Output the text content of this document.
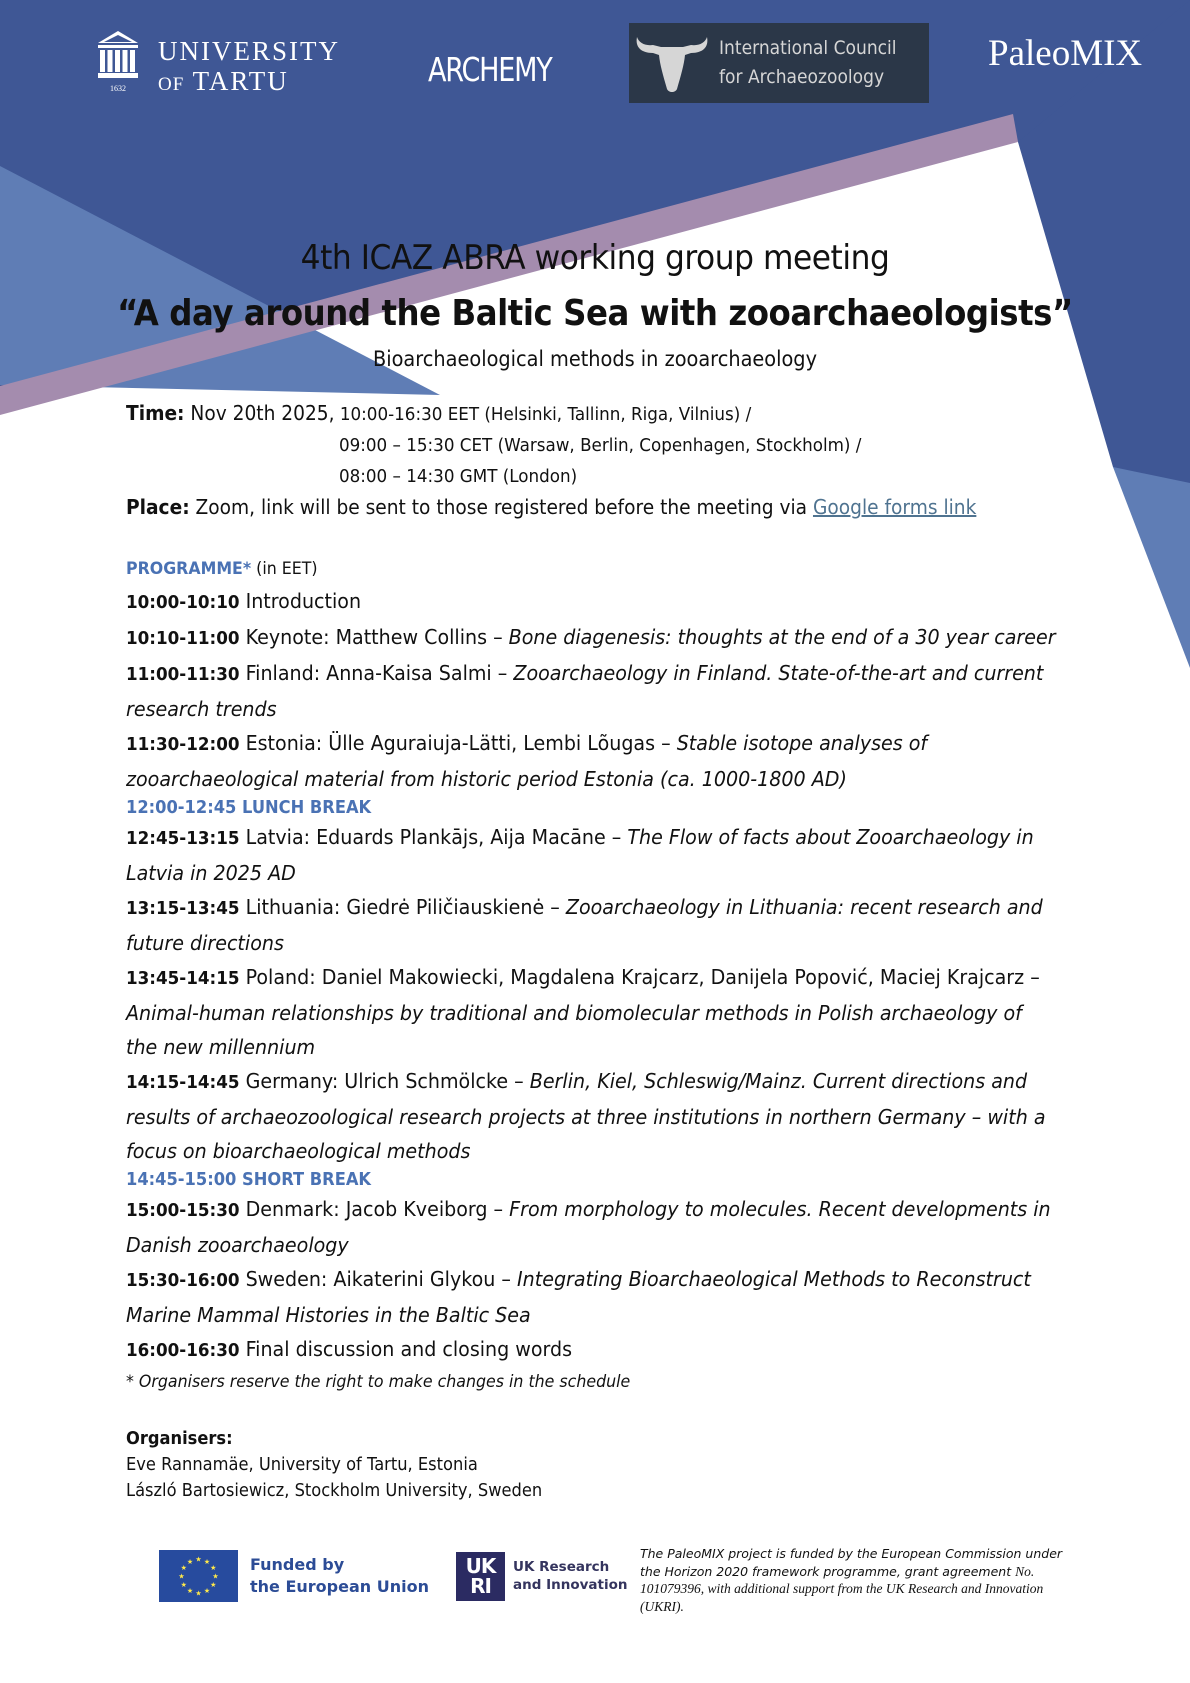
1632
UNIVERSITY
OF TARTU	ARCHEMY
International Council
for Archaeozoology
PaleoMIX
4th ICAZ ABRA working group meeting
“A day around the Baltic Sea with zooarchaeologists”
Bioarchaeological methods in zooarchaeology
Time: Nov 20th 2025, 10:00-16:30 EET (Helsinki, Tallinn, Riga, Vilnius) /
09:00 – 15:30 CET (Warsaw, Berlin, Copenhagen, Stockholm) /
08:00 – 14:30 GMT (London)
Place: Zoom, link will be sent to those registered before the meeting via Google forms link
PROGRAMME* (in EET)
10:00-10:10 Introduction
10:10-11:00 Keynote: Matthew Collins – Bone diagenesis: thoughts at the end of a 30 year career
11:00-11:30 Finland: Anna-Kaisa Salmi – Zooarchaeology in Finland. State-of-the-art and current research trends
11:30-12:00 Estonia: Ülle Aguraiuja-Lätti, Lembi Lõugas – Stable isotope analyses of zooarchaeological material from historic period Estonia (ca. 1000-1800 AD)
12:00-12:45 LUNCH BREAK
12:45-13:15 Latvia: Eduards Plankājs, Aija Macāne – The Flow of facts about Zooarchaeology in Latvia in 2025 AD
13:15-13:45 Lithuania: Giedrė Piličiauskienė – Zooarchaeology in Lithuania: recent research and future directions
13:45-14:15 Poland: Daniel Makowiecki, Magdalena Krajcarz, Danijela Popović, Maciej Krajcarz – Animal-human relationships by traditional and biomolecular methods in Polish archaeology of the new millennium
14:15-14:45 Germany: Ulrich Schmölcke – Berlin, Kiel, Schleswig/Mainz. Current directions and results of archaeozoological research projects at three institutions in northern Germany – with a focus on bioarchaeological methods
14:45-15:00 SHORT BREAK
15:00-15:30 Denmark: Jacob Kveiborg – From morphology to molecules. Recent developments in Danish zooarchaeology
15:30-16:00 Sweden: Aikaterini Glykou – Integrating Bioarchaeological Methods to Reconstruct Marine Mammal Histories in the Baltic Sea
16:00-16:30 Final discussion and closing words
* Organisers reserve the right to make changes in the schedule
Organisers:
Eve Rannamäe, University of Tartu, Estonia
László Bartosiewicz, Stockholm University, Sweden
★ ★
★
★
★
★
★
★
★
★
★
★	Funded by
the European Union
UK
RI
UK Research
and Innovation
The PaleoMIX project is funded by the European Commission under the Horizon 2020 framework programme, grant agreement No. 101079396, with additional support from the UK Research and Innovation (UKRI).
